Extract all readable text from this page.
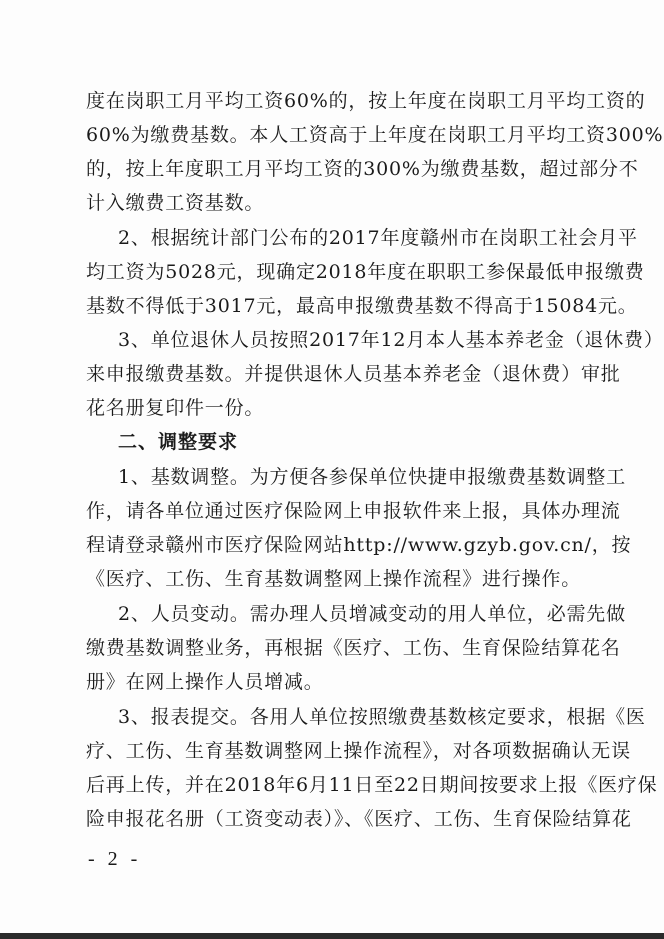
度在岗职工月平均工资60%的，按上年度在岗职工月平均工资的
60%为缴费基数。本人工资高于上年度在岗职工月平均工资300%
的，按上年度职工月平均工资的300%为缴费基数，超过部分不
计入缴费工资基数。
2、根据统计部门公布的2017年度赣州市在岗职工社会月平
均工资为5028元，现确定2018年度在职职工参保最低申报缴费
基数不得低于3017元，最高申报缴费基数不得高于15084元。
3、单位退休人员按照2017年12月本人基本养老金（退休费）
来申报缴费基数。并提供退休人员基本养老金（退休费）审批
花名册复印件一份。
二、调整要求
1、基数调整。为方便各参保单位快捷申报缴费基数调整工
作，请各单位通过医疗保险网上申报软件来上报，具体办理流
程请登录赣州市医疗保险网站http://www.gzyb.gov.cn/，按
《医疗、工伤、生育基数调整网上操作流程》进行操作。
2、人员变动。需办理人员增减变动的用人单位，必需先做
缴费基数调整业务，再根据《医疗、工伤、生育保险结算花名
册》在网上操作人员增减。
3、报表提交。各用人单位按照缴费基数核定要求，根据《医
疗、工伤、生育基数调整网上操作流程》，对各项数据确认无误
后再上传，并在2018年6月11日至22日期间按要求上报《医疗保
险申报花名册（工资变动表）》、《医疗、工伤、生育保险结算花
- 2 -
